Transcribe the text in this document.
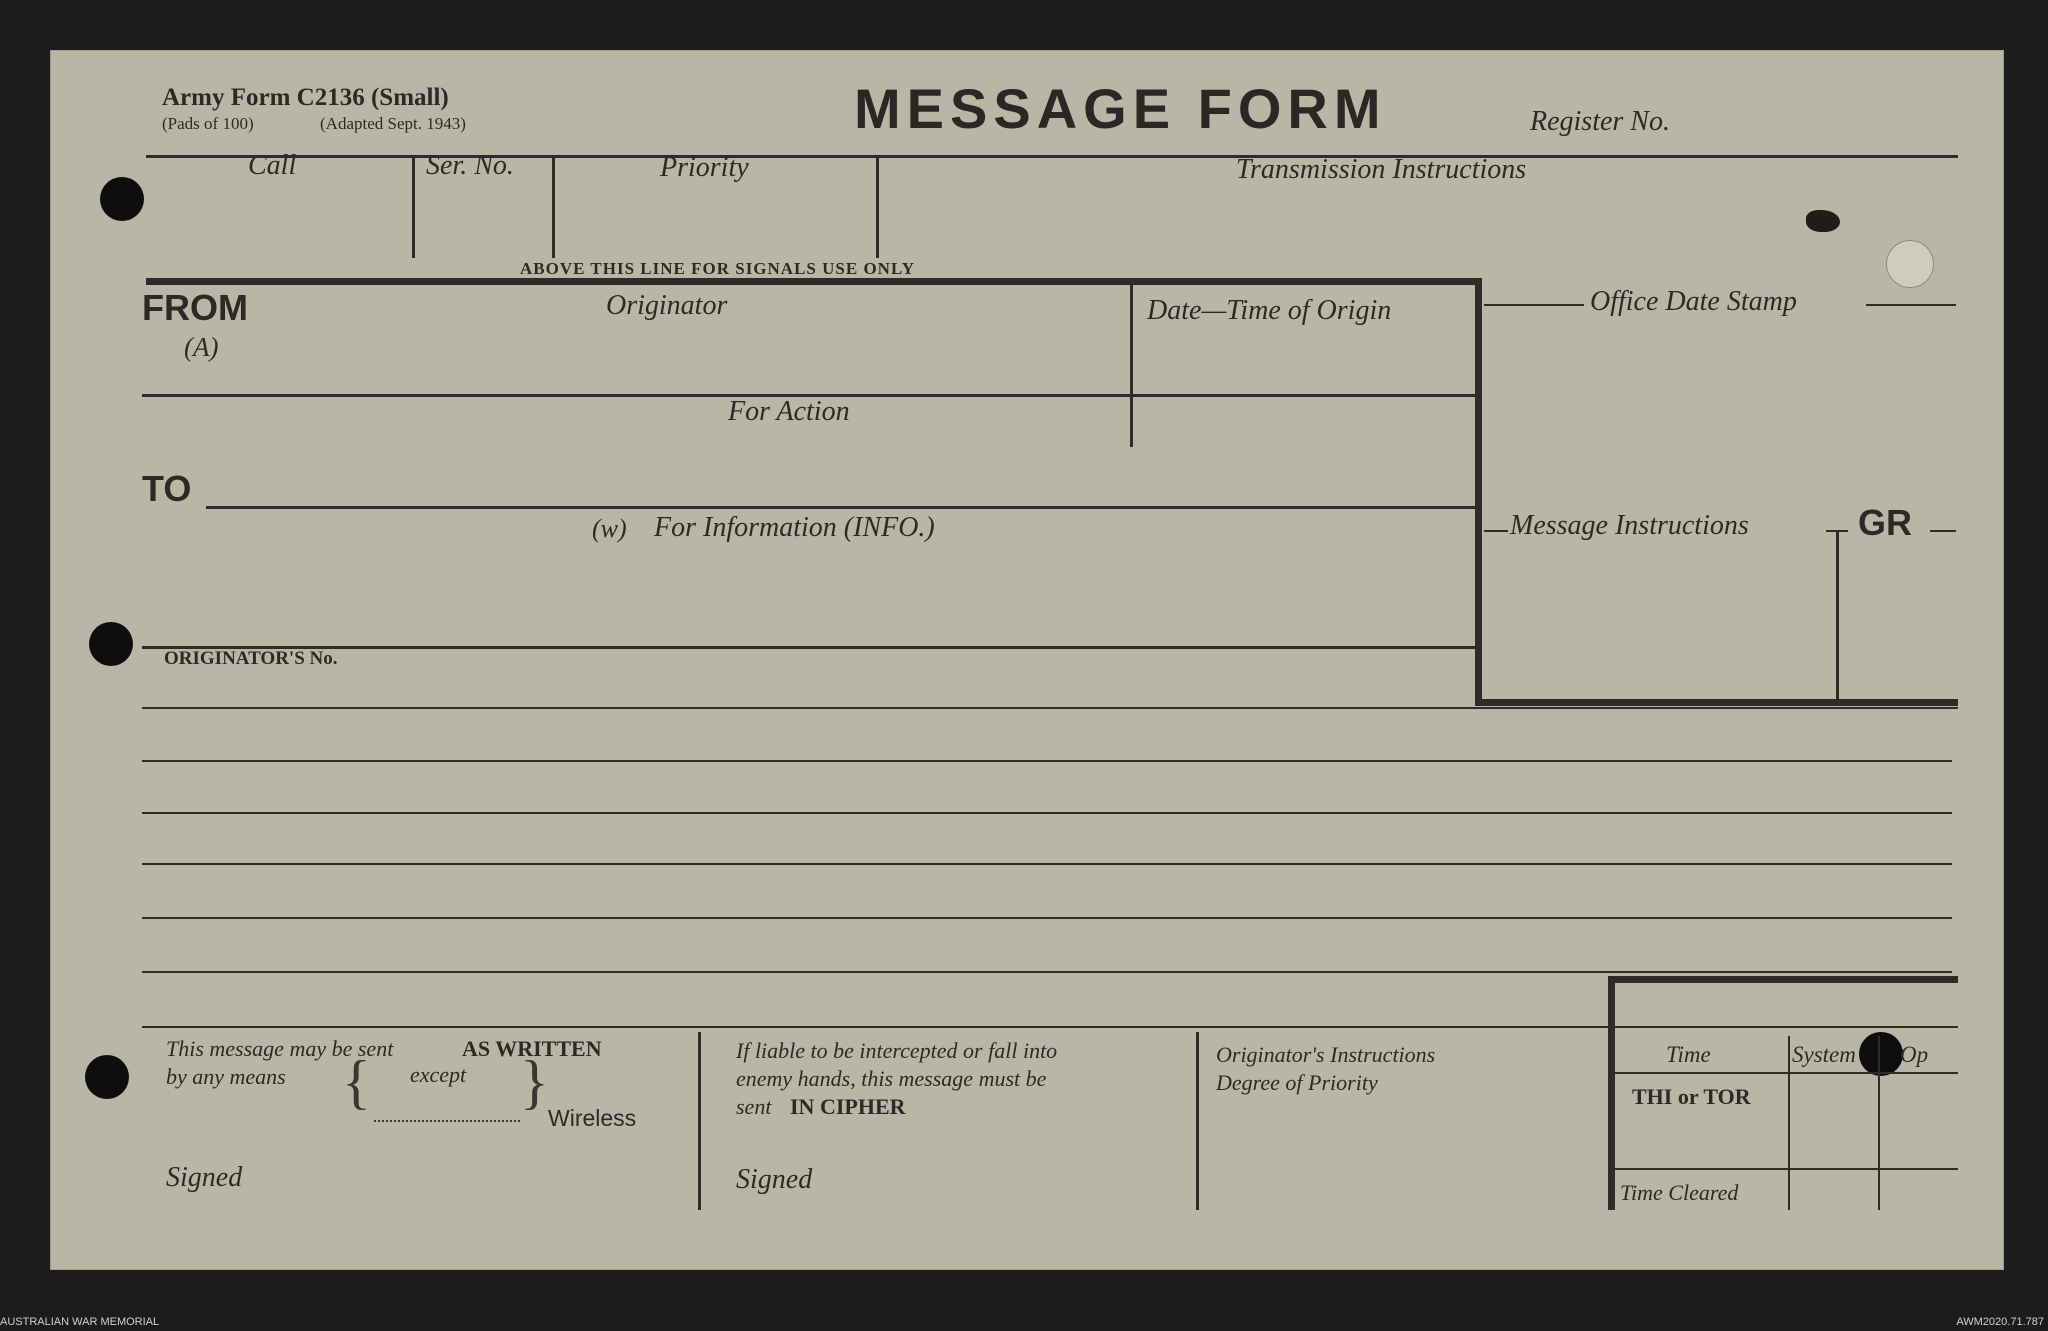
Army Form C2136 (Small)
(Pads of 100)	(Adapted Sept. 1943)	MESSAGE FORM	Register No.
Call	Ser. No.	Priority	Transmission Instructions
ABOVE THIS LINE FOR SIGNALS USE ONLY
FROM
(A)
Originator	Date—Time of Origin	Office Date Stamp
For Action
TO
(w) For Information (INFO.)	Message Instructions	GR
ORIGINATOR'S No.
This message may be sent	AS WRITTEN
by any means { except }
Wireless
Signed
If liable to be intercepted or fall into
enemy hands, this message must be
sent IN CIPHER
Signed
Originator's Instructions
Degree of Priority
Time	System Op
THI or TOR
Time Cleared
AUSTRALIAN WAR MEMORIAL	AWM2020.71.787
